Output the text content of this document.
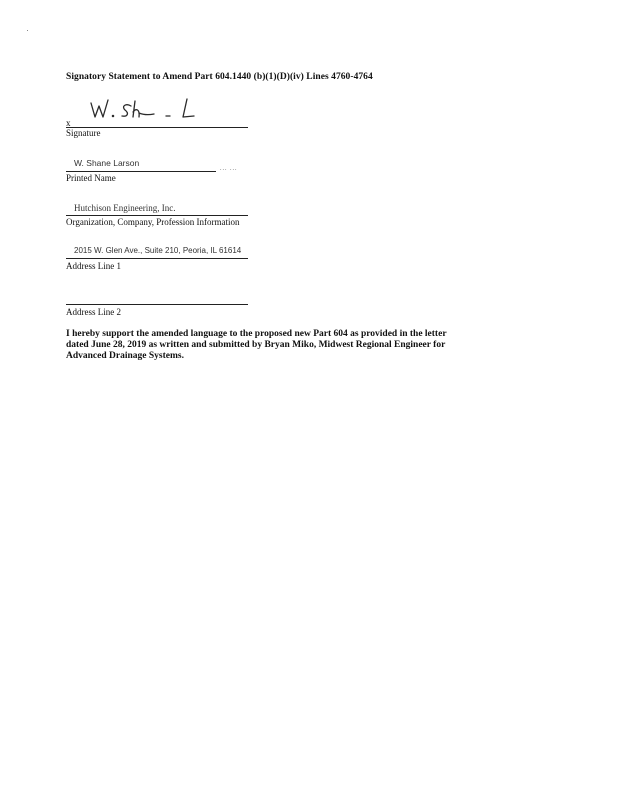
Signatory Statement to Amend Part 604.1440 (b)(1)(D)(iv) Lines 4760-4764
x
Signature
W. Shane Larson
... ...
Printed Name
Hutchison Engineering, Inc.
Organization, Company, Profession Information
2015 W. Glen Ave., Suite 210, Peoria, IL 61614
Address Line 1
Address Line 2
I hereby support the amended language to the proposed new Part 604 as provided in the letter
dated June 28, 2019 as written and submitted by Bryan Miko, Midwest Regional Engineer for
Advanced Drainage Systems.
